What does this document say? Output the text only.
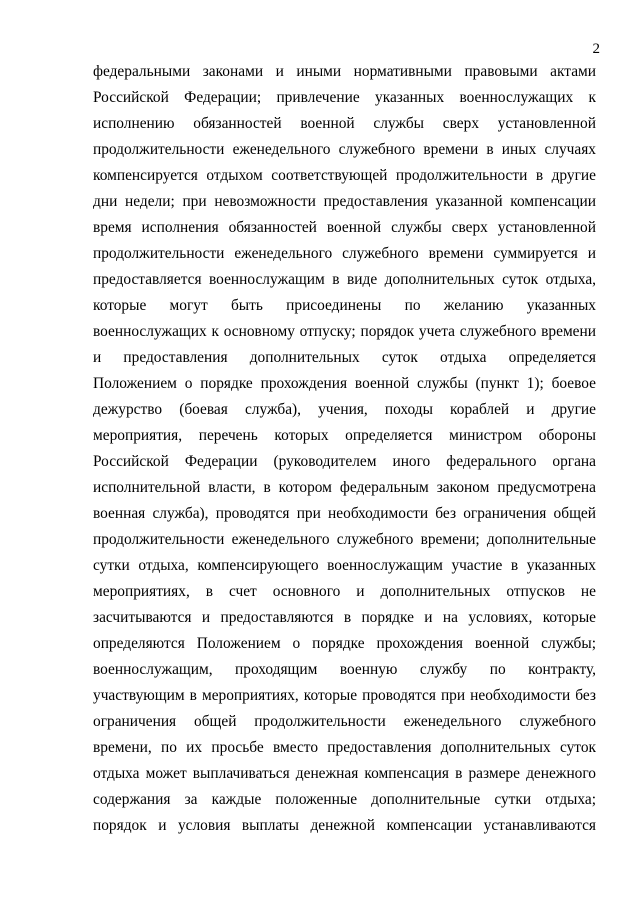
2
федеральными законами и иными нормативными правовыми актами
Российской Федерации; привлечение указанных военнослужащих к
исполнению обязанностей военной службы сверх установленной
продолжительности еженедельного служебного времени в иных случаях
компенсируется отдыхом соответствующей продолжительности в другие
дни недели; при невозможности предоставления указанной компенсации
время исполнения обязанностей военной службы сверх установленной
продолжительности еженедельного служебного времени суммируется и
предоставляется военнослужащим в виде дополнительных суток отдыха,
которые могут быть присоединены по желанию указанных
военнослужащих к основному отпуску; порядок учета служебного времени
и предоставления дополнительных суток отдыха определяется
Положением о порядке прохождения военной службы (пункт 1); боевое
дежурство (боевая служба), учения, походы кораблей и другие
мероприятия, перечень которых определяется министром обороны
Российской Федерации (руководителем иного федерального органа
исполнительной власти, в котором федеральным законом предусмотрена
военная служба), проводятся при необходимости без ограничения общей
продолжительности еженедельного служебного времени; дополнительные
сутки отдыха, компенсирующего военнослужащим участие в указанных
мероприятиях, в счет основного и дополнительных отпусков не
засчитываются и предоставляются в порядке и на условиях, которые
определяются Положением о порядке прохождения военной службы;
военнослужащим, проходящим военную службу по контракту,
участвующим в мероприятиях, которые проводятся при необходимости без
ограничения общей продолжительности еженедельного служебного
времени, по их просьбе вместо предоставления дополнительных суток
отдыха может выплачиваться денежная компенсация в размере денежного
содержания за каждые положенные дополнительные сутки отдыха;
порядок и условия выплаты денежной компенсации устанавливаются
